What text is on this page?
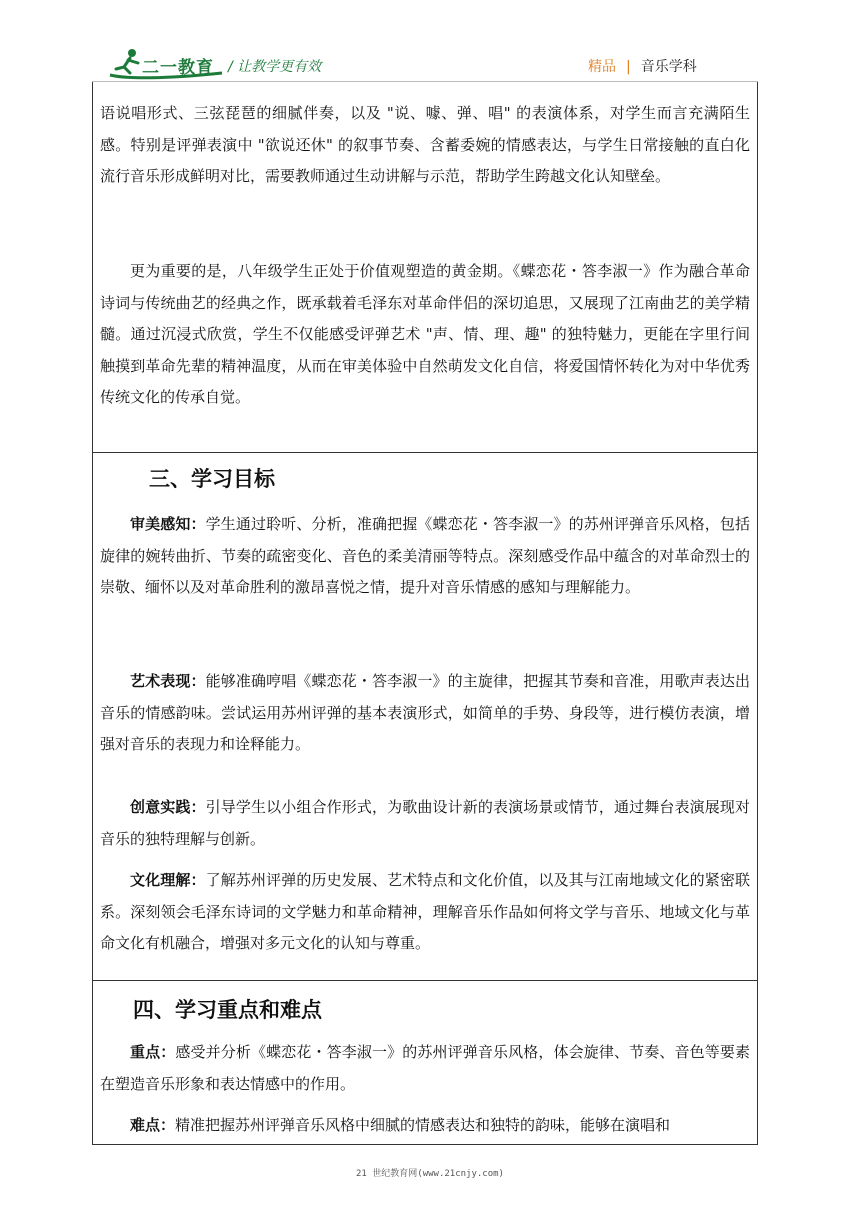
二一教育 / 让教学更有效	精品 | 音乐学科

语说唱形式、三弦琵琶的细腻伴奏，以及 "说、噱、弹、唱" 的表演体系，对学生而言充满陌生感。特别是评弹表演中 "欲说还休" 的叙事节奏、含蓄委婉的情感表达，与学生日常接触的直白化流行音乐形成鲜明对比，需要教师通过生动讲解与示范，帮助学生跨越文化认知壁垒。

更为重要的是，八年级学生正处于价值观塑造的黄金期。《蝶恋花・答李淑一》作为融合革命诗词与传统曲艺的经典之作，既承载着毛泽东对革命伴侣的深切追思，又展现了江南曲艺的美学精髓。通过沉浸式欣赏，学生不仅能感受评弹艺术 "声、情、理、趣" 的独特魅力，更能在字里行间触摸到革命先辈的精神温度，从而在审美体验中自然萌发文化自信，将爱国情怀转化为对中华优秀传统文化的传承自觉。

三、学习目标

审美感知：学生通过聆听、分析，准确把握《蝶恋花・答李淑一》的苏州评弹音乐风格，包括旋律的婉转曲折、节奏的疏密变化、音色的柔美清丽等特点。深刻感受作品中蕴含的对革命烈士的崇敬、缅怀以及对革命胜利的激昂喜悦之情，提升对音乐情感的感知与理解能力。

艺术表现：能够准确哼唱《蝶恋花・答李淑一》的主旋律，把握其节奏和音准，用歌声表达出音乐的情感韵味。尝试运用苏州评弹的基本表演形式，如简单的手势、身段等，进行模仿表演，增强对音乐的表现力和诠释能力。

创意实践：引导学生以小组合作形式，为歌曲设计新的表演场景或情节，通过舞台表演展现对音乐的独特理解与创新。

文化理解：了解苏州评弹的历史发展、艺术特点和文化价值，以及其与江南地域文化的紧密联系。深刻领会毛泽东诗词的文学魅力和革命精神，理解音乐作品如何将文学与音乐、地域文化与革命文化有机融合，增强对多元文化的认知与尊重。

四、学习重点和难点

重点：感受并分析《蝶恋花・答李淑一》的苏州评弹音乐风格，体会旋律、节奏、音色等要素在塑造音乐形象和表达情感中的作用。

难点：精准把握苏州评弹音乐风格中细腻的情感表达和独特的韵味，能够在演唱和

21 世纪教育网(www.21cnjy.com)
